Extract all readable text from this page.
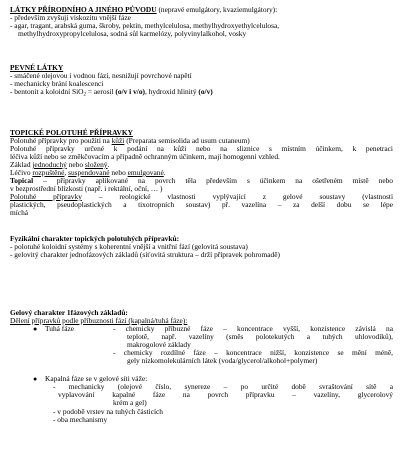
LÁTKY PŘÍRODNÍHO A JINÉHO PŮVODU (nepravé emulgátory, kvaziemulgátory):
- především zvyšují viskozitu vnější fáze
- agar, tragant, arabská guma, škroby, pektin, methylcelulosa, methylhydroxyethylcelulosa,
methylhydroxypropylcelulosa, sodná sůl karmelózy, polyvinylalkohol, vosky
PEVNÉ LÁTKY
- smáčené olejovou i vodnou fází, nesnižují povrchové napětí
- mechanicky brání koalescenci
- bentonit a koloidní SiO$_2$ = aerosil (o/v i v/o), hydroxid hlinitý (o/v)
TOPICKÉ POLOTUHÉ PŘÍPRAVKY
Polotuhé přípravky pro použití na kůži (Preparata semisolida ad usum cutaneum)
Polotuhé přípravky určené k podání na kůži nebo na sliznice s místním účinkem, k penetraci
léčiva kůží nebo se změkčovacím a případně ochranným účinkem, mají homogenní vzhled.
Základ jednoduchý nebo složený.
Léčivo rozpuštěné, suspendované nebo emulgované.
Topical – přípravky aplikované na povrch těla především s účinkem na ošetřeném místě nebo
v bezprostřední blízkosti (např. i rektální, oční, … )
Polotuhé přípravky – reologické vlastnosti vyplývající z gelové soustavy (vlastnosti
plastických, pseudoplastických a tixotropních soustav) př. vazelína – za delší dobu se lépe
míchá
Fyzikální charakter topických polotuhých přípravků:
- polotuhé koloidní systémy s koherentní vnější a vnitřní fází (gelovitá soustava)
- gelovitý charakter jednofázových základů (síťovitá struktura – drží přípravek pohromadě)
Gelový charakter 1fázových základů:
Dělení přípravků podle příbuznosti fází (kapalná/tuhá fáze):
● Tuhá fáze	- chemicky příbuzné fáze – koncentrace vyšší, konzistence závislá na
teplotě, např. vazelíny (směs polotekutých a tuhých uhlovodíků),
makrogolové základy
- chemicky rozdílné fáze – koncentrace nižší, konzistence se mění méně,
gely nízkomolekulárních látek (voda/glycerol/alkohol+polymer)
● Kapalná fáze se v gelové síti váže:
- mechanicky (olejové číslo, synereze – po určité době svraštování sítě a
vyplavování kapalné fáze na povrch přípravku – vazelíny, glycerolový
krém a gel)
- v podobě vrstev na tuhých částicích
- oba mechanismy
